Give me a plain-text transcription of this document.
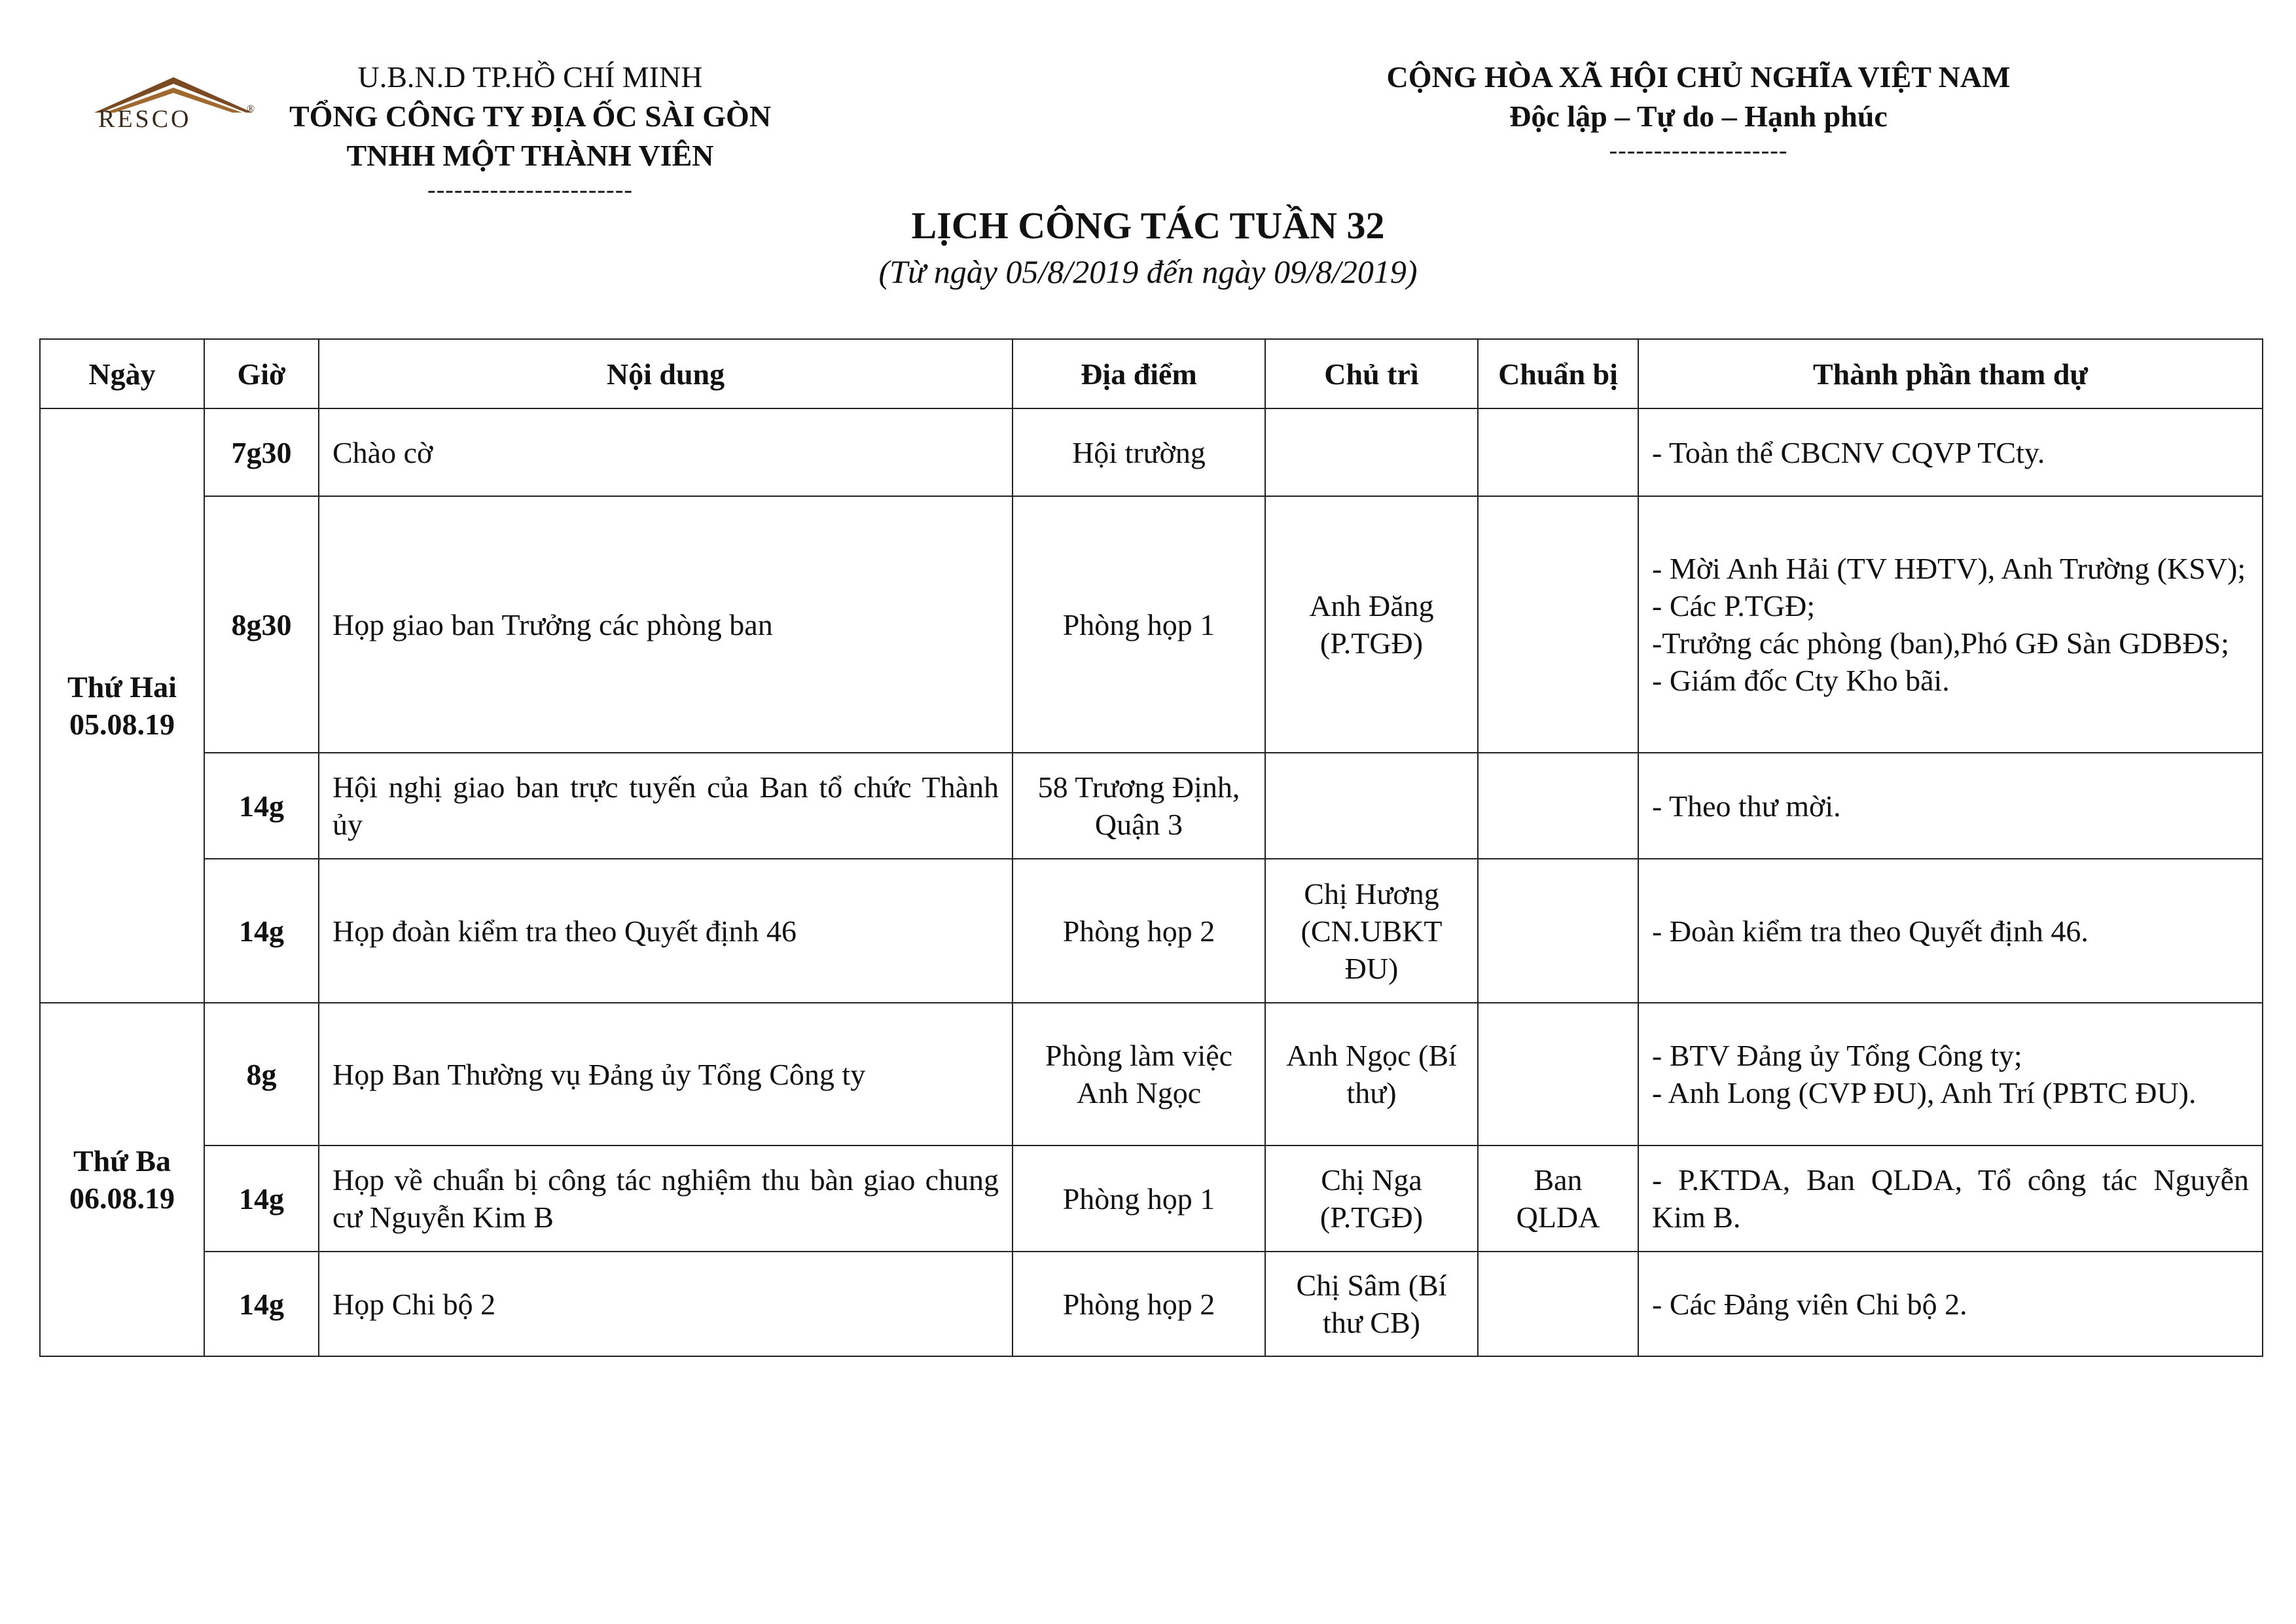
RESCO	®
U.B.N.D TP.HỒ CHÍ MINH
TỔNG CÔNG TY ĐỊA ỐC SÀI GÒN
TNHH MỘT THÀNH VIÊN
-----------------------
CỘNG HÒA XÃ HỘI CHỦ NGHĨA VIỆT NAM
Độc lập – Tự do – Hạnh phúc
--------------------
LỊCH CÔNG TÁC TUẦN 32
(Từ ngày 05/8/2019 đến ngày 09/8/2019)
Ngày	Giờ	Nội dung	Địa điểm	Chủ trì	Chuẩn bị	Thành phần tham dự

Thứ Hai
05.08.19	7g30	Chào cờ	Hội trường			- Toàn thể CBCNV CQVP TCty.

	8g30	Họp giao ban Trưởng các phòng ban	Phòng họp 1	Anh Đăng (P.TGĐ)		- Mời Anh Hải (TV HĐTV), Anh Trường (KSV);
- Các P.TGĐ;
-Trưởng các phòng (ban),Phó GĐ Sàn GDBĐS;
- Giám đốc Cty Kho bãi.

	14g	Hội nghị giao ban trực tuyến của Ban tổ chức Thành ủy	58 Trương Định, Quận 3			- Theo thư mời.

	14g	Họp đoàn kiểm tra theo Quyết định 46	Phòng họp 2	Chị Hương (CN.UBKT ĐU)		- Đoàn kiểm tra theo Quyết định 46.

Thứ Ba
06.08.19	8g	Họp Ban Thường vụ Đảng ủy Tổng Công ty	Phòng làm việc Anh Ngọc	Anh Ngọc (Bí thư)		- BTV Đảng ủy Tổng Công ty;
- Anh Long (CVP ĐU), Anh Trí (PBTC ĐU).

	14g	Họp về chuẩn bị công tác nghiệm thu bàn giao chung cư Nguyễn Kim B	Phòng họp 1	Chị Nga (P.TGĐ)	Ban QLDA	- P.KTDA, Ban QLDA, Tổ công tác Nguyễn Kim B.

	14g	Họp Chi bộ 2	Phòng họp 2	Chị Sâm (Bí thư CB)		- Các Đảng viên Chi bộ 2.
